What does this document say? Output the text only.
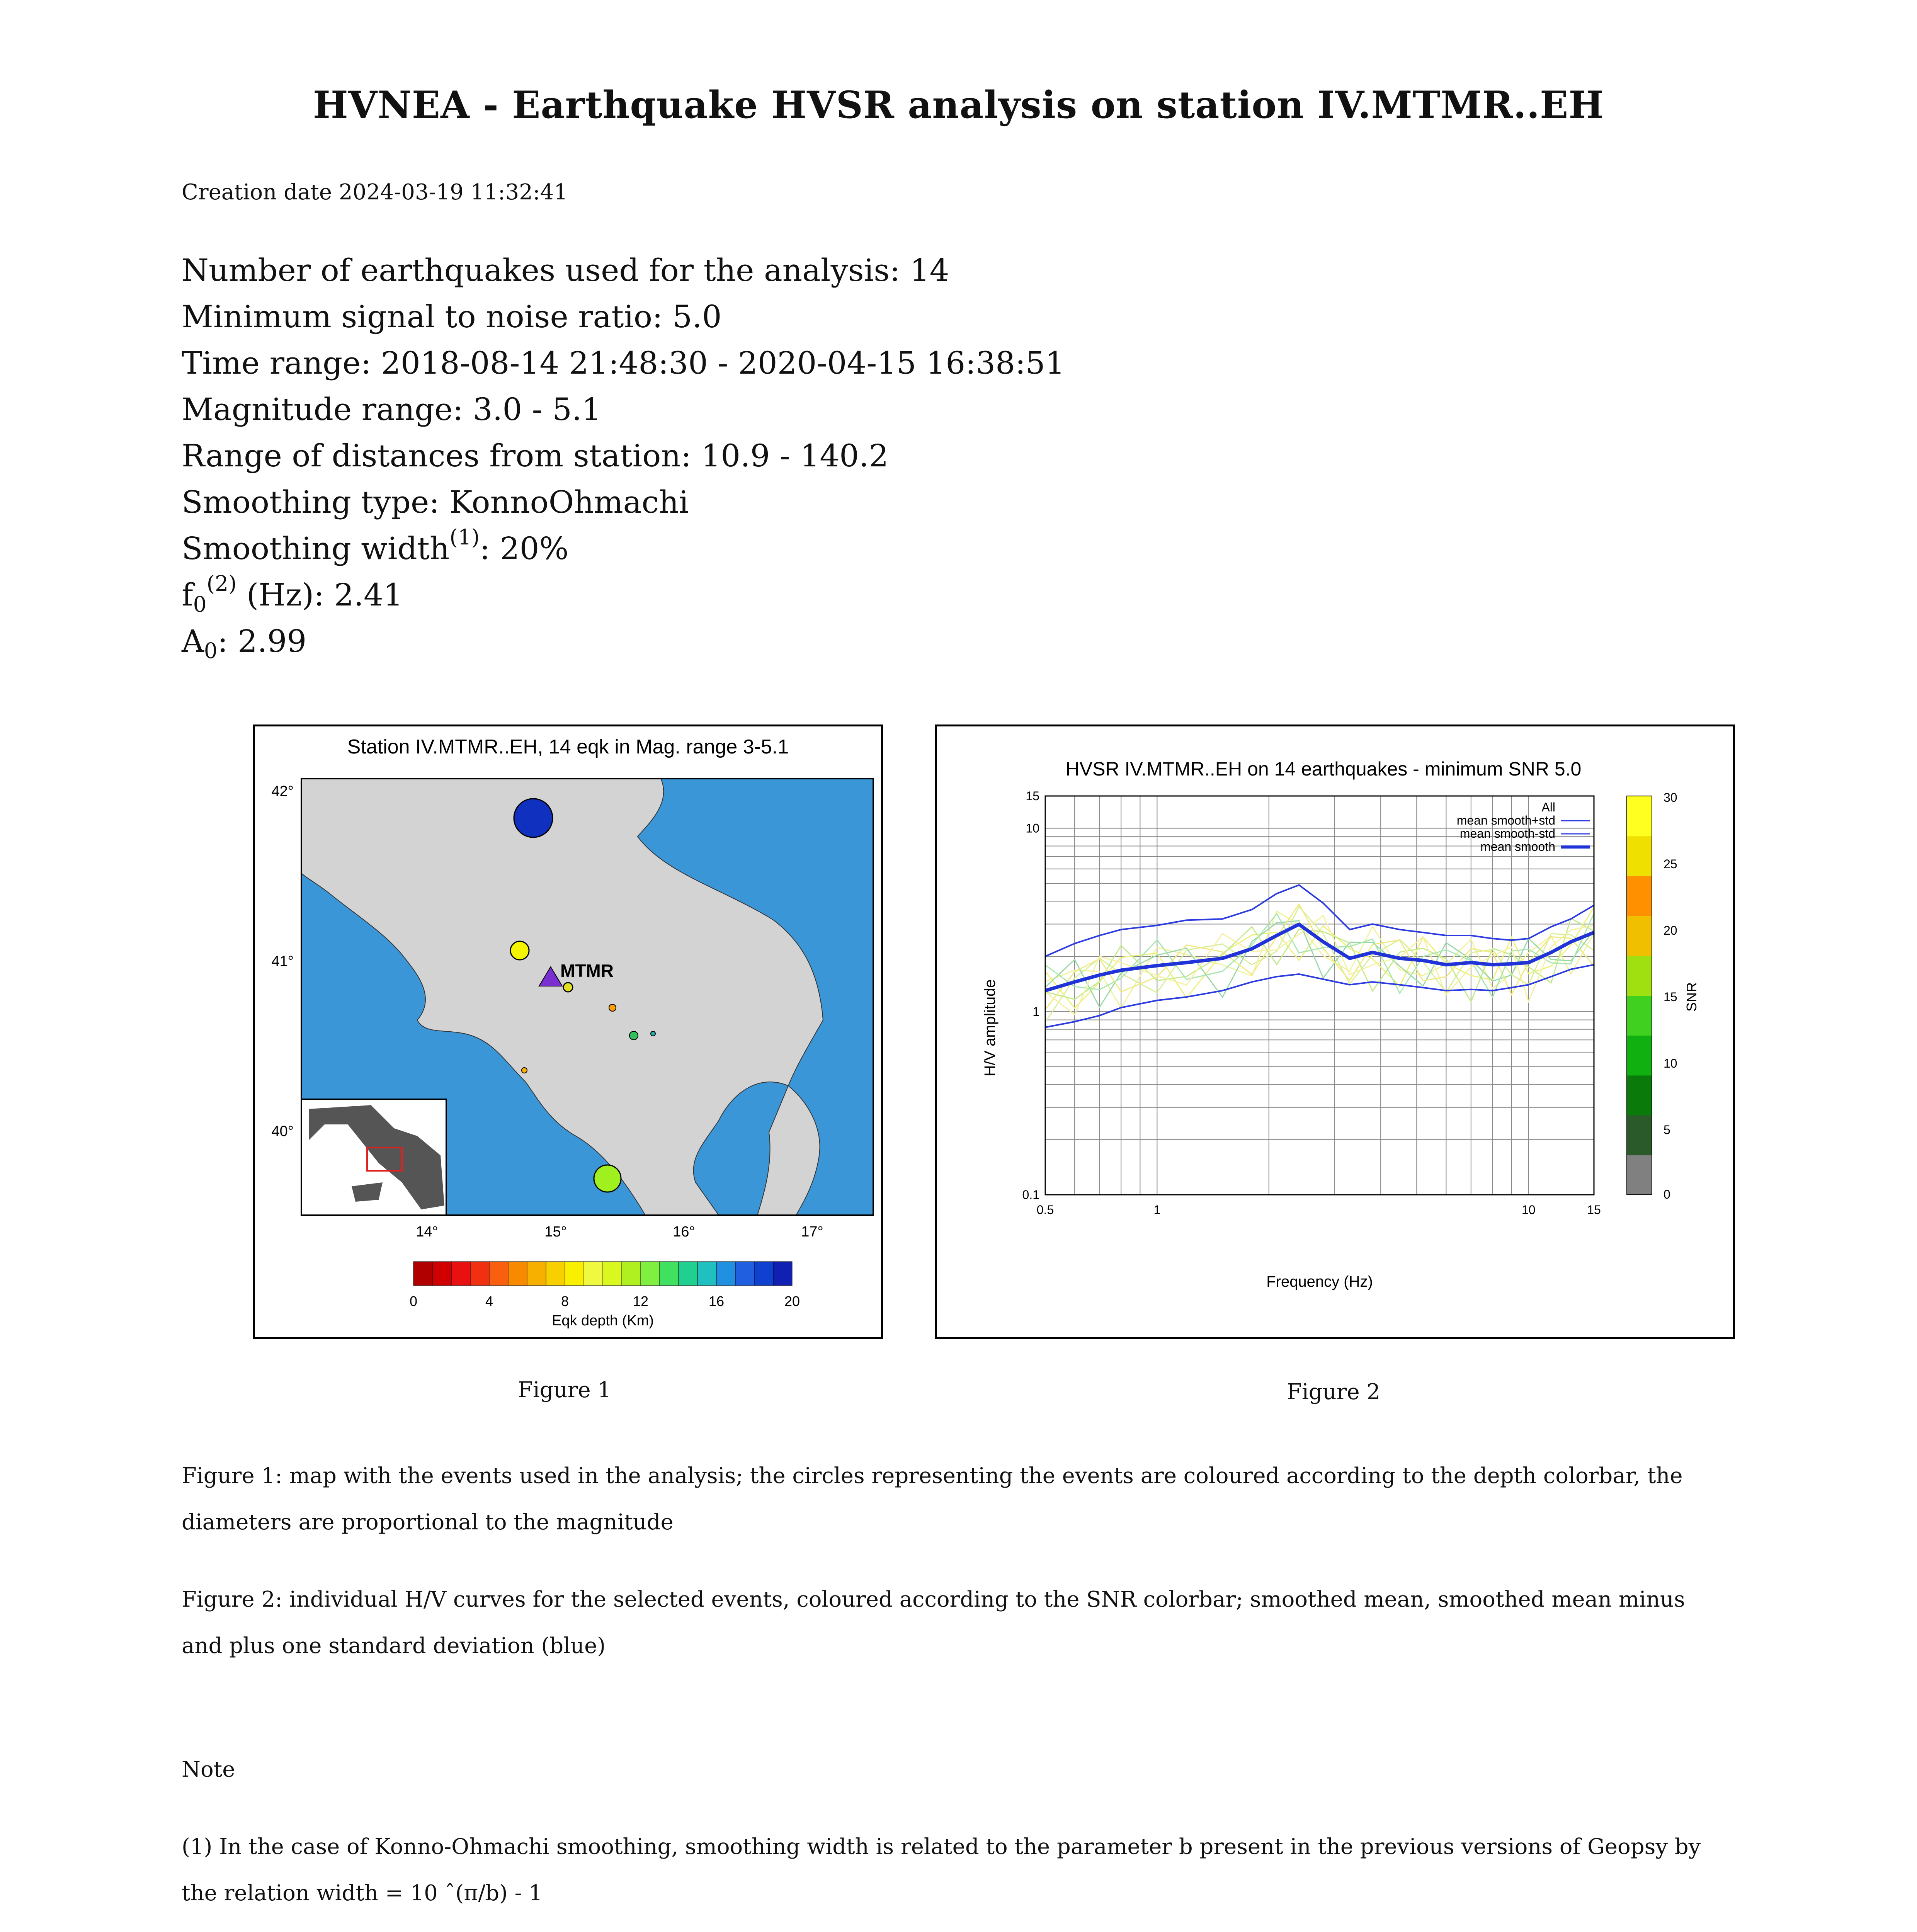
HVNEA - Earthquake HVSR analysis on station IV.MTMR..EH
Creation date 2024-03-19 11:32:41
Number of earthquakes used for the analysis: 14
Minimum signal to noise ratio: 5.0
Time range: 2018-08-14 21:48:30 - 2020-04-15 16:38:51
Magnitude range: 3.0 - 5.1
Range of distances from station: 10.9 - 140.2
Smoothing type: KonnoOhmachi
Smoothing width$^{(1)}$: 20%
$f_0^{(2)}$ (Hz): 2.41
$A_0$: 2.99
Station IV.MTMR..EH, 14 eqk in Mag. range 3-5.1
42°
41°
40°
14°	15°	16°	17°
MTMR
0	4	8	12	16	20
Eqk depth (Km)
Figure 1
HVSR IV.MTMR..EH on 14 earthquakes - minimum SNR 5.0
0.5	1	10	15
0.1
1
10
15
Frequency (Hz)
H/V amplitude
All
mean smooth+std
mean smooth-std
mean smooth
30
25
20
15
10
5
0
SNR
Figure 2
Figure 1: map with the events used in the analysis; the circles representing the events are coloured according to the depth colorbar, the diameters are proportional to the magnitude
Figure 2: individual H/V curves for the selected events, coloured according to the SNR colorbar; smoothed mean, smoothed mean minus and plus one standard deviation (blue)
Note
(1) In the case of Konno-Ohmachi smoothing, smoothing width is related to the parameter b present in the previous versions of Geopsy by the relation width = 10 ˆ(π/b) - 1
